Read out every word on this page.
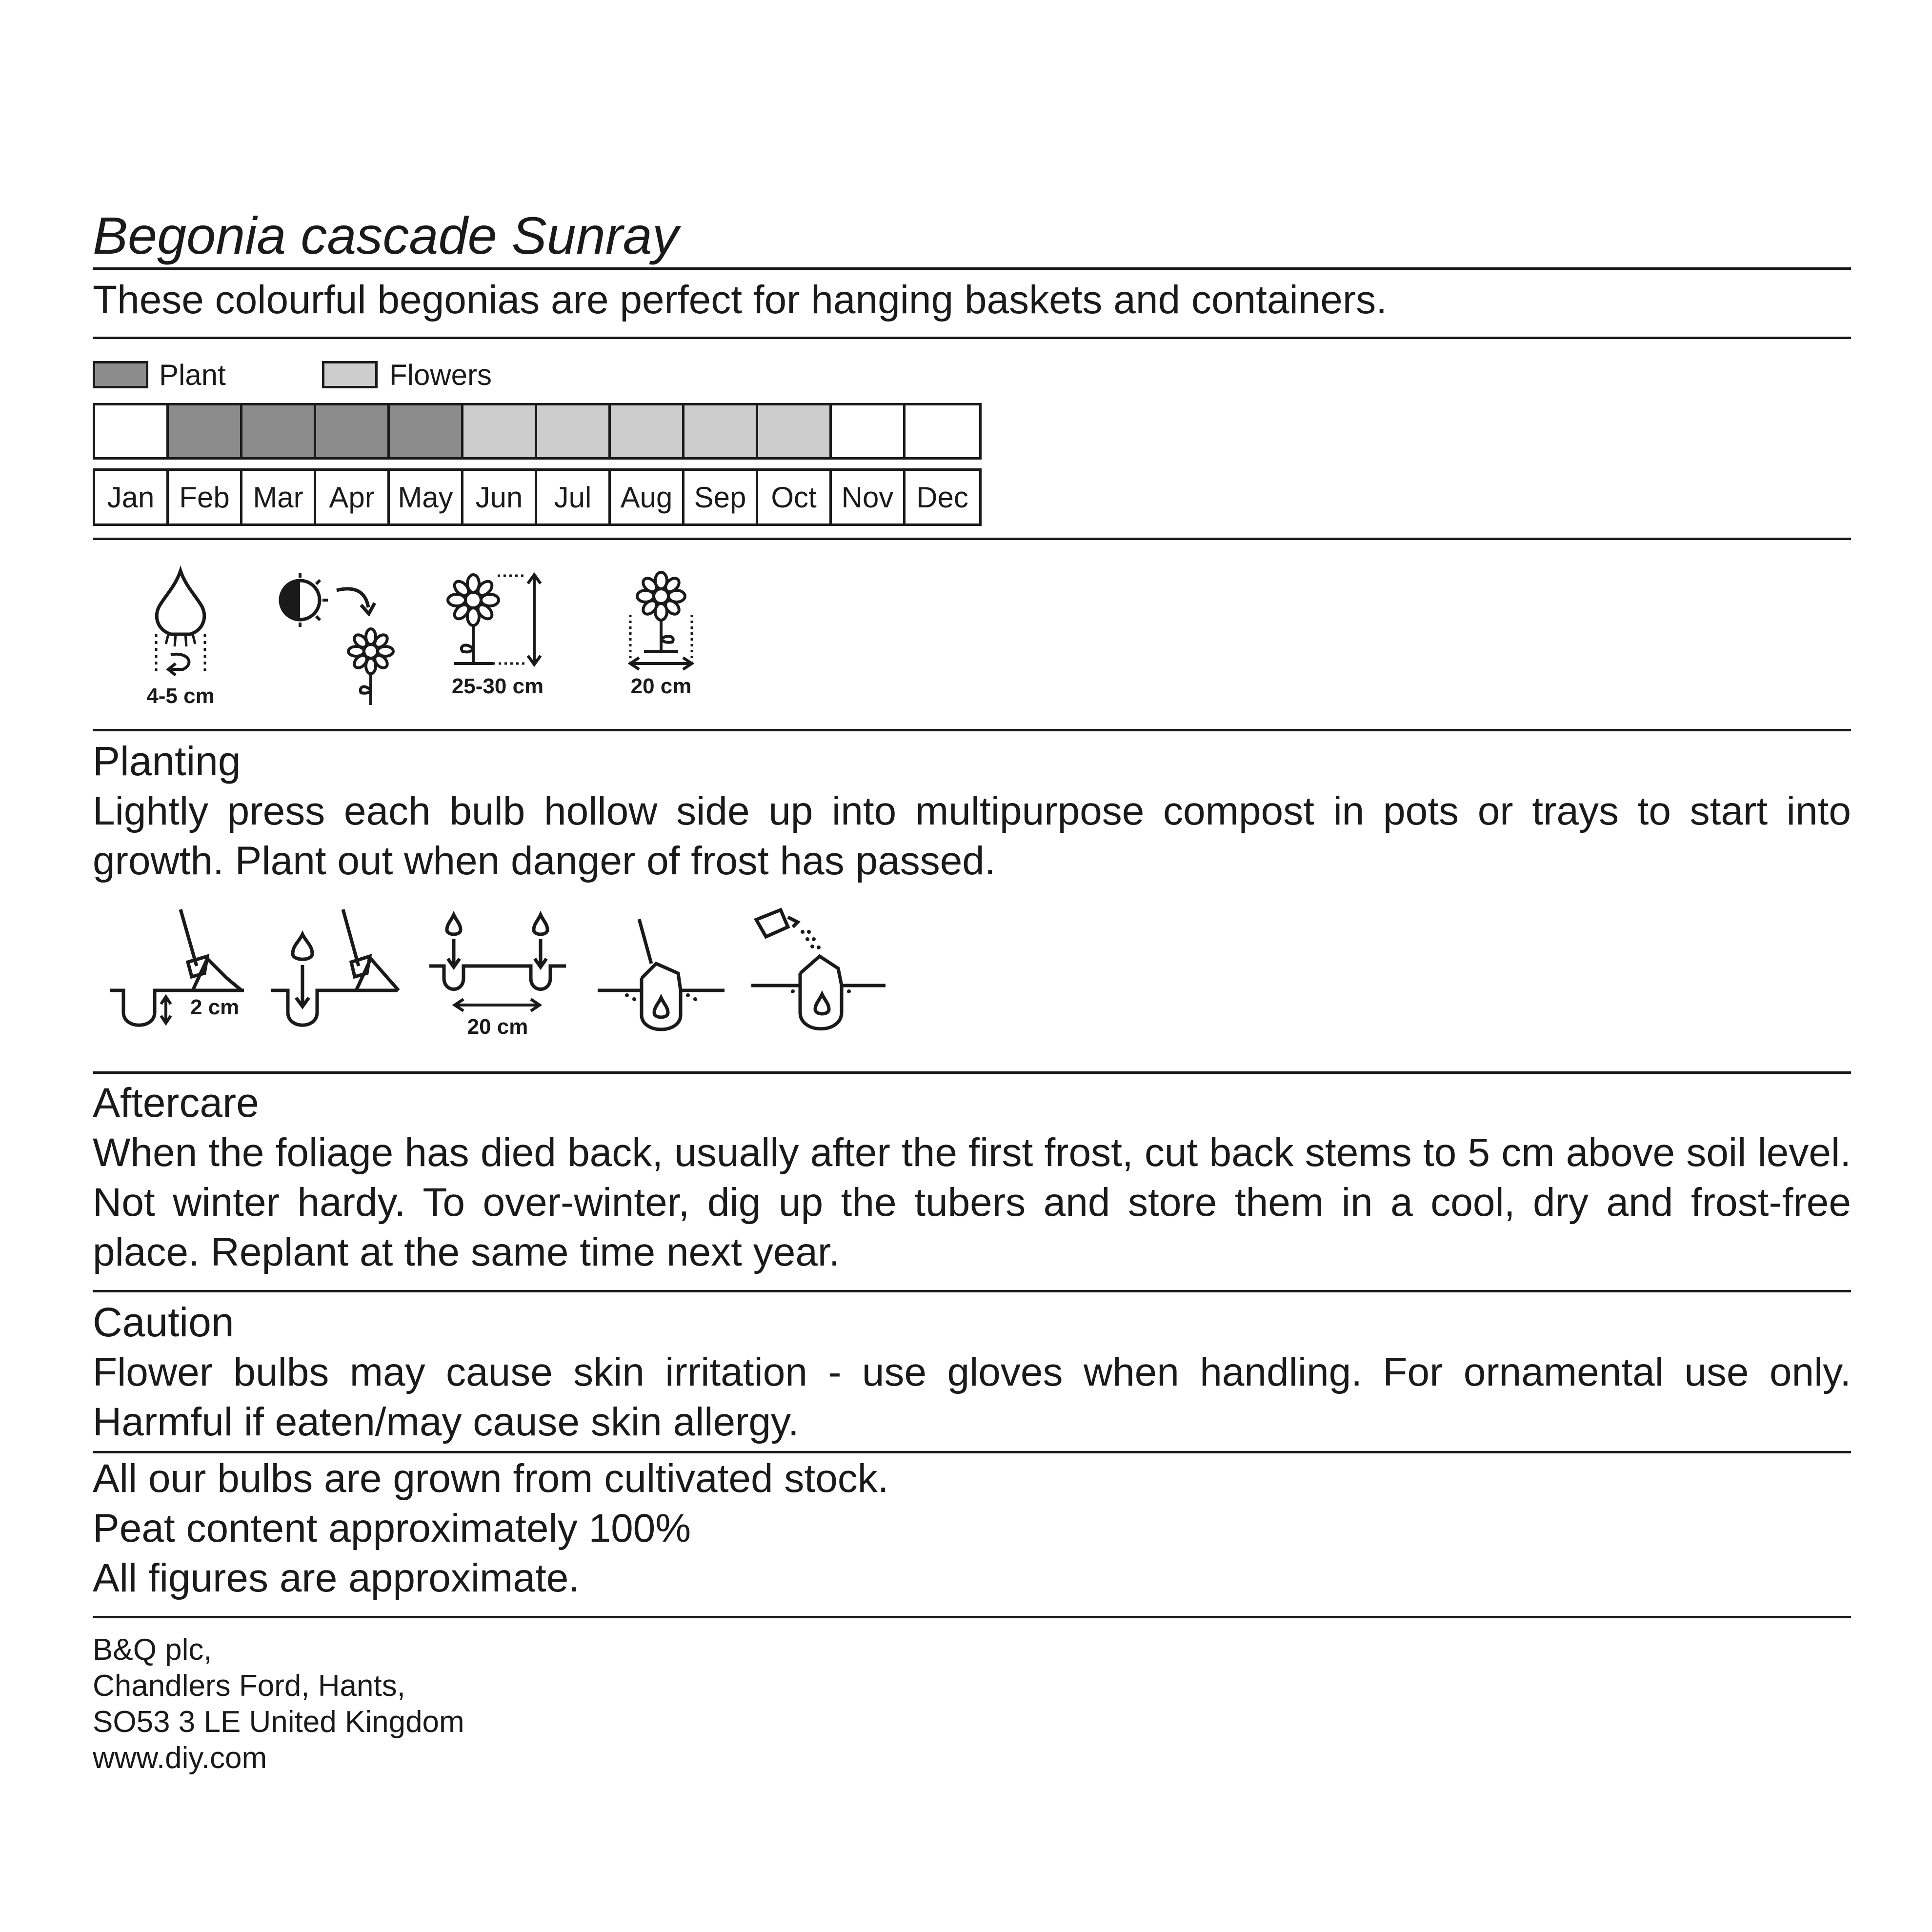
Begonia cascade Sunray
These colourful begonias are perfect for hanging baskets and containers.
Plant	Flowers
Jan Feb Mar Apr May Jun	Jul Aug Sep Oct Nov Dec
4-5 cm	25-30 cm	20 cm
Planting
Lightly press each bulb hollow side up into multipurpose compost in pots or trays to start into growth. Plant out when danger of frost has passed.
2 cm
20 cm
Aftercare
When the foliage has died back, usually after the first frost, cut back stems to 5 cm above soil level. Not winter hardy. To over-winter, dig up the tubers and store them in a cool, dry and frost-free place. Replant at the same time next year.
Caution
Flower bulbs may cause skin irritation - use gloves when handling. For ornamental use only. Harmful if eaten/may cause skin allergy.
All our bulbs are grown from cultivated stock.
Peat content approximately 100%
All figures are approximate.
B&Q plc,
Chandlers Ford, Hants,
SO53 3 LE United Kingdom
www.diy.com
